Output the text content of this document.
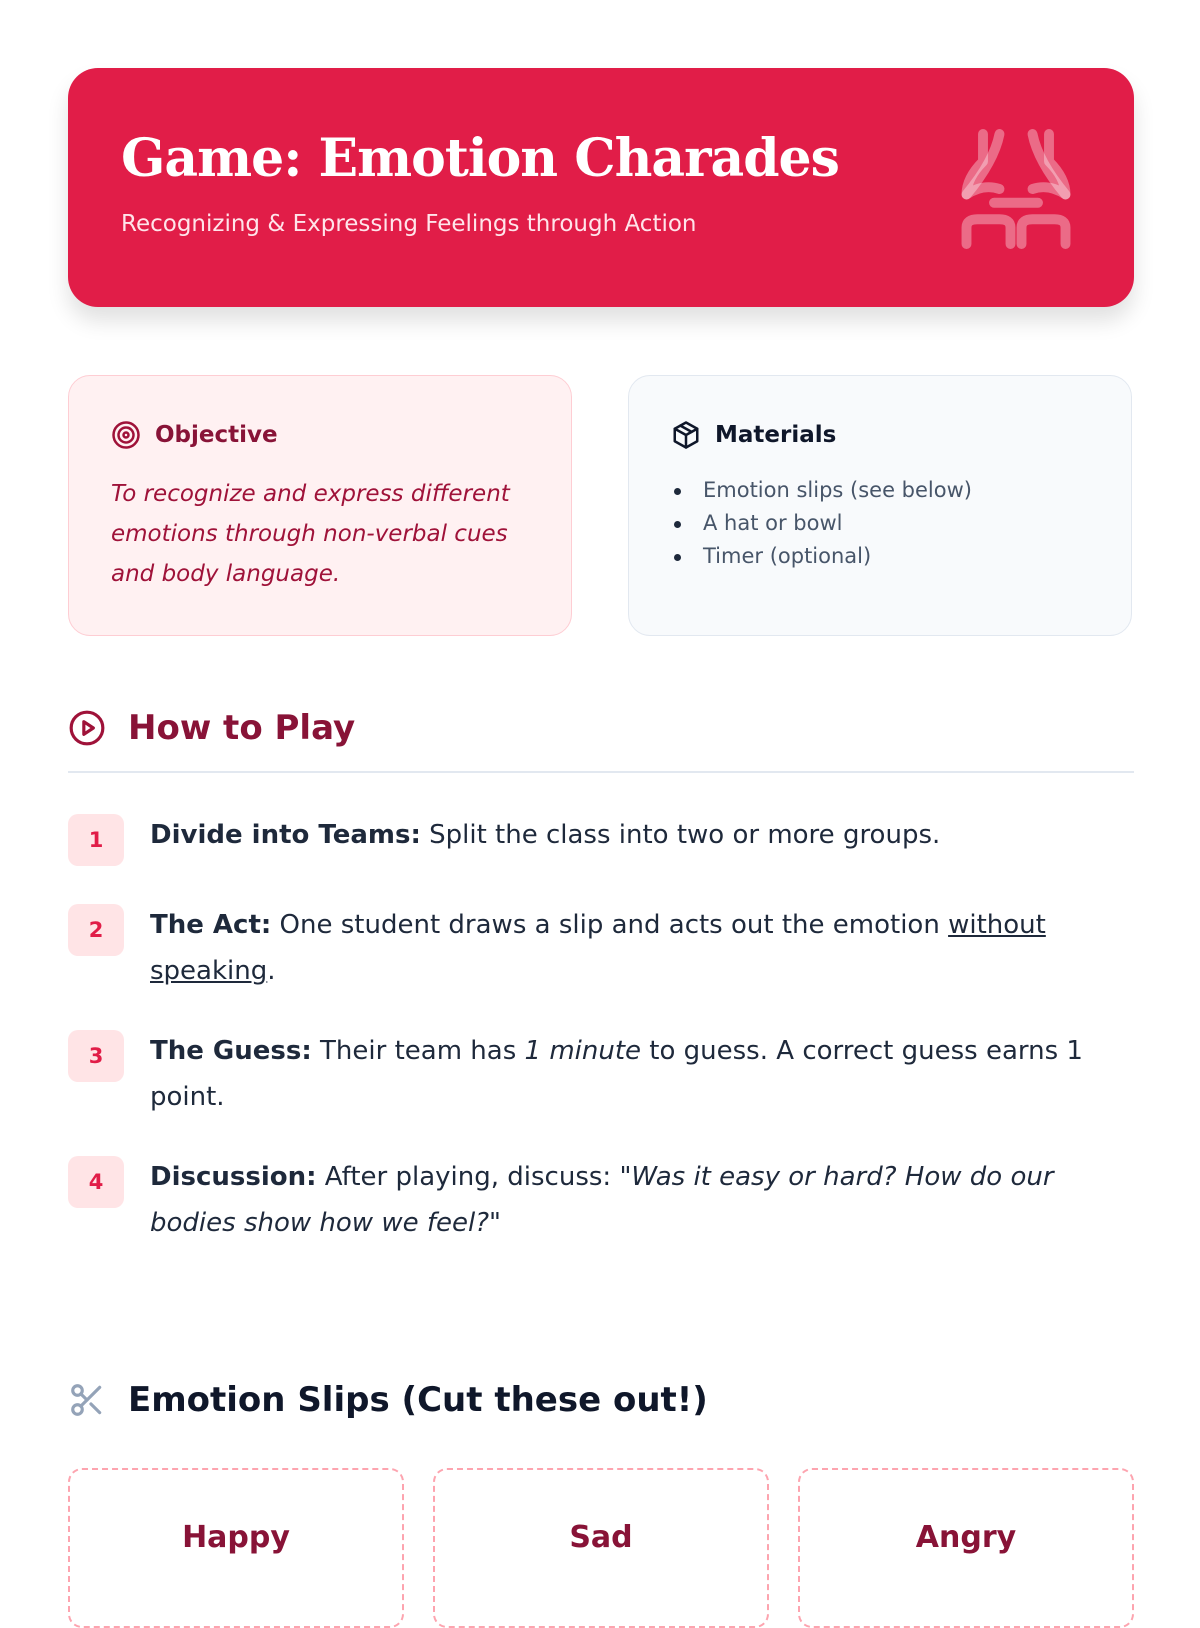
Game: Emotion Charades
Recognizing & Expressing Feelings through Action
Objective
To recognize and express different emotions through non-verbal cues and body language.
Materials
Emotion slips (see below)
A hat or bowl
Timer (optional)
How to Play
1	Divide into Teams: Split the class into two or more groups.

2	The Act: One student draws a slip and acts out the emotion without speaking.

3	The Guess: Their team has 1 minute to guess. A correct guess earns 1 point.

4	Discussion: After playing, discuss: "Was it easy or hard? How do our bodies show how we feel?"

Emotion Slips (Cut these out!)
Happy	Sad	Angry
